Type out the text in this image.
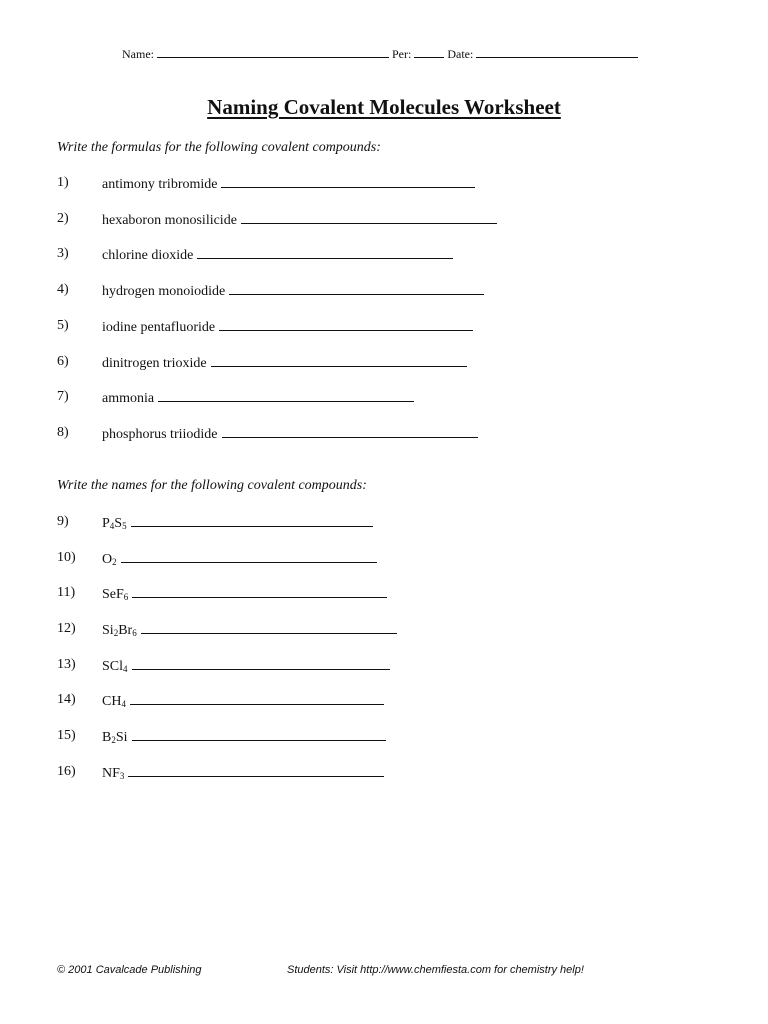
Name:	Per:	Date:
Naming Covalent Molecules Worksheet
Write the formulas for the following covalent compounds:
1)	antimony tribromide
2)	hexaboron monosilicide
3)	chlorine dioxide
4)	hydrogen monoiodide
5)	iodine pentafluoride
6)	dinitrogen trioxide
7)	ammonia
8)	phosphorus triiodide
Write the names for the following covalent compounds:
9)	$P_4S_5$
10)	$O_2$
11)	SeF$_6$
12)	$Si_2Br_6$
13)	SCl$_4$
14)	$CH_4$
15)	$B_2Si$
16)	$NF_3$
© 2001 Cavalcade Publishing	Students: Visit http://www.chemfiesta.com for chemistry help!
